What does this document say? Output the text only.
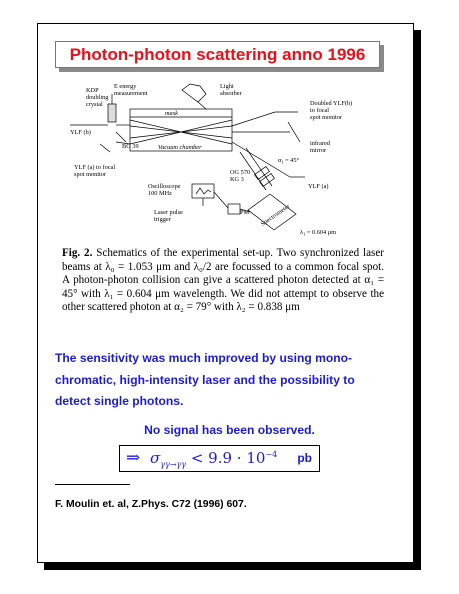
Photon-photon scattering anno 1996
KDP
doubling
crystal
E energy
measurement
Light
absorber
Doubled YLF(b)
to focal
spot monitor
YLF (b)
mask
BG 39	Vacuum chamber
infrared
mirror
$\alpha_1 = 45^\circ$
YLF (a) to focal
spot monitor	OG 570
KG 3
YLF (a)
Oscilloscope
100 MHz
Laser pulse
trigger
PM Spectrometer
$\lambda_1 = 0.604$ μm
Fig. 2. Schematics of the experimental set-up. Two synchronized laser beams at λ₀ = 1.053 μm and λ₀/2 are focussed to a common focal spot. A photon-photon collision can give a scattered photon detected at α₁ = 45° with λ₁ = 0.604 μm wavelength. We did not attempt to observe the other scattered photon at α₂ = 79° with λ₂ = 0.838 μm
The sensitivity was much improved by using mono-
chromatic, high-intensity laser and the possibility to
detect single photons.
No signal has been observed.
⇒ $\sigma_{\gamma\gamma\to\gamma\gamma} < 9.9 \cdot 10^{-4}$ pb
F. Moulin et. al, Z.Phys. C72 (1996) 607.
